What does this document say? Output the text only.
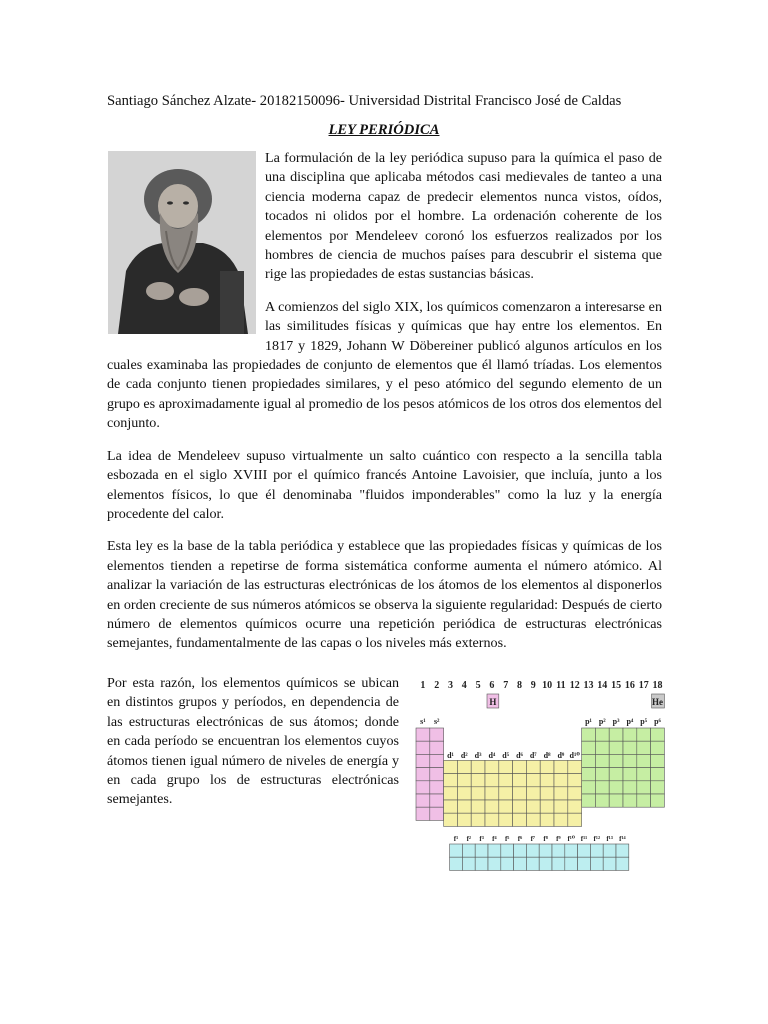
Santiago Sánchez Alzate- 20182150096- Universidad Distrital Francisco José de Caldas
LEY PERIÓDICA

La formulación de la ley periódica supuso para la química el paso de una disciplina que aplicaba métodos casi medievales de tanteo a una ciencia moderna capaz de predecir elementos nunca vistos, oídos, tocados ni olidos por el hombre. La ordenación coherente de los elementos por Mendeleev coronó los esfuerzos realizados por los hombres de ciencia de muchos países para descubrir el sistema que rige las propiedades de estas sustancias básicas.

A comienzos del siglo XIX, los químicos comenzaron a interesarse en las similitudes físicas y químicas que hay entre los elementos. En 1817 y 1829, Johann W Döbereiner publicó algunos artículos en los cuales examinaba las propiedades de conjunto de elementos que él llamó tríadas. Los elementos de cada conjunto tienen propiedades similares, y el peso atómico del segundo elemento de un grupo es aproximadamente igual al promedio de los pesos atómicos de los otros dos elementos del conjunto.

La idea de Mendeleev supuso virtualmente un salto cuántico con respecto a la sencilla tabla esbozada en el siglo XVIII por el químico francés Antoine Lavoisier, que incluía, junto a los elementos físicos, lo que él denominaba "fluidos imponderables" como la luz y la energía procedente del calor.

Esta ley es la base de la tabla periódica y establece que las propiedades físicas y químicas de los elementos tienden a repetirse de forma sistemática conforme aumenta el número atómico. Al analizar la variación de las estructuras electrónicas de los átomos de los elementos al disponerlos en orden creciente de sus números atómicos se observa la siguiente regularidad: Después de cierto número de elementos químicos ocurre una repetición periódica de estructuras electrónicas semejantes, fundamentalmente de las capas o los niveles más externos.

Por esta razón, los elementos químicos se ubican en distintos grupos y períodos, en dependencia de las estructuras electrónicas de sus átomos; donde en cada período se encuentran los elementos cuyos átomos tienen igual número de niveles de energía y en cada grupo los de estructuras electrónicas semejantes.

1 2 3 4 5 6 7 8 9 10 11 12 13 14 15 16 17 18
H	He
s¹ s²	p¹ p² p³ p⁴ p⁵ p⁶
d¹ d² d³ d⁴ d⁵ d⁶ d⁷ d⁸ d⁹ d¹⁰
f¹ f² f³ f⁴ f⁵ f⁶ f⁷ f⁸ f⁹ f¹⁰ f¹¹ f¹² f¹³ f¹⁴
